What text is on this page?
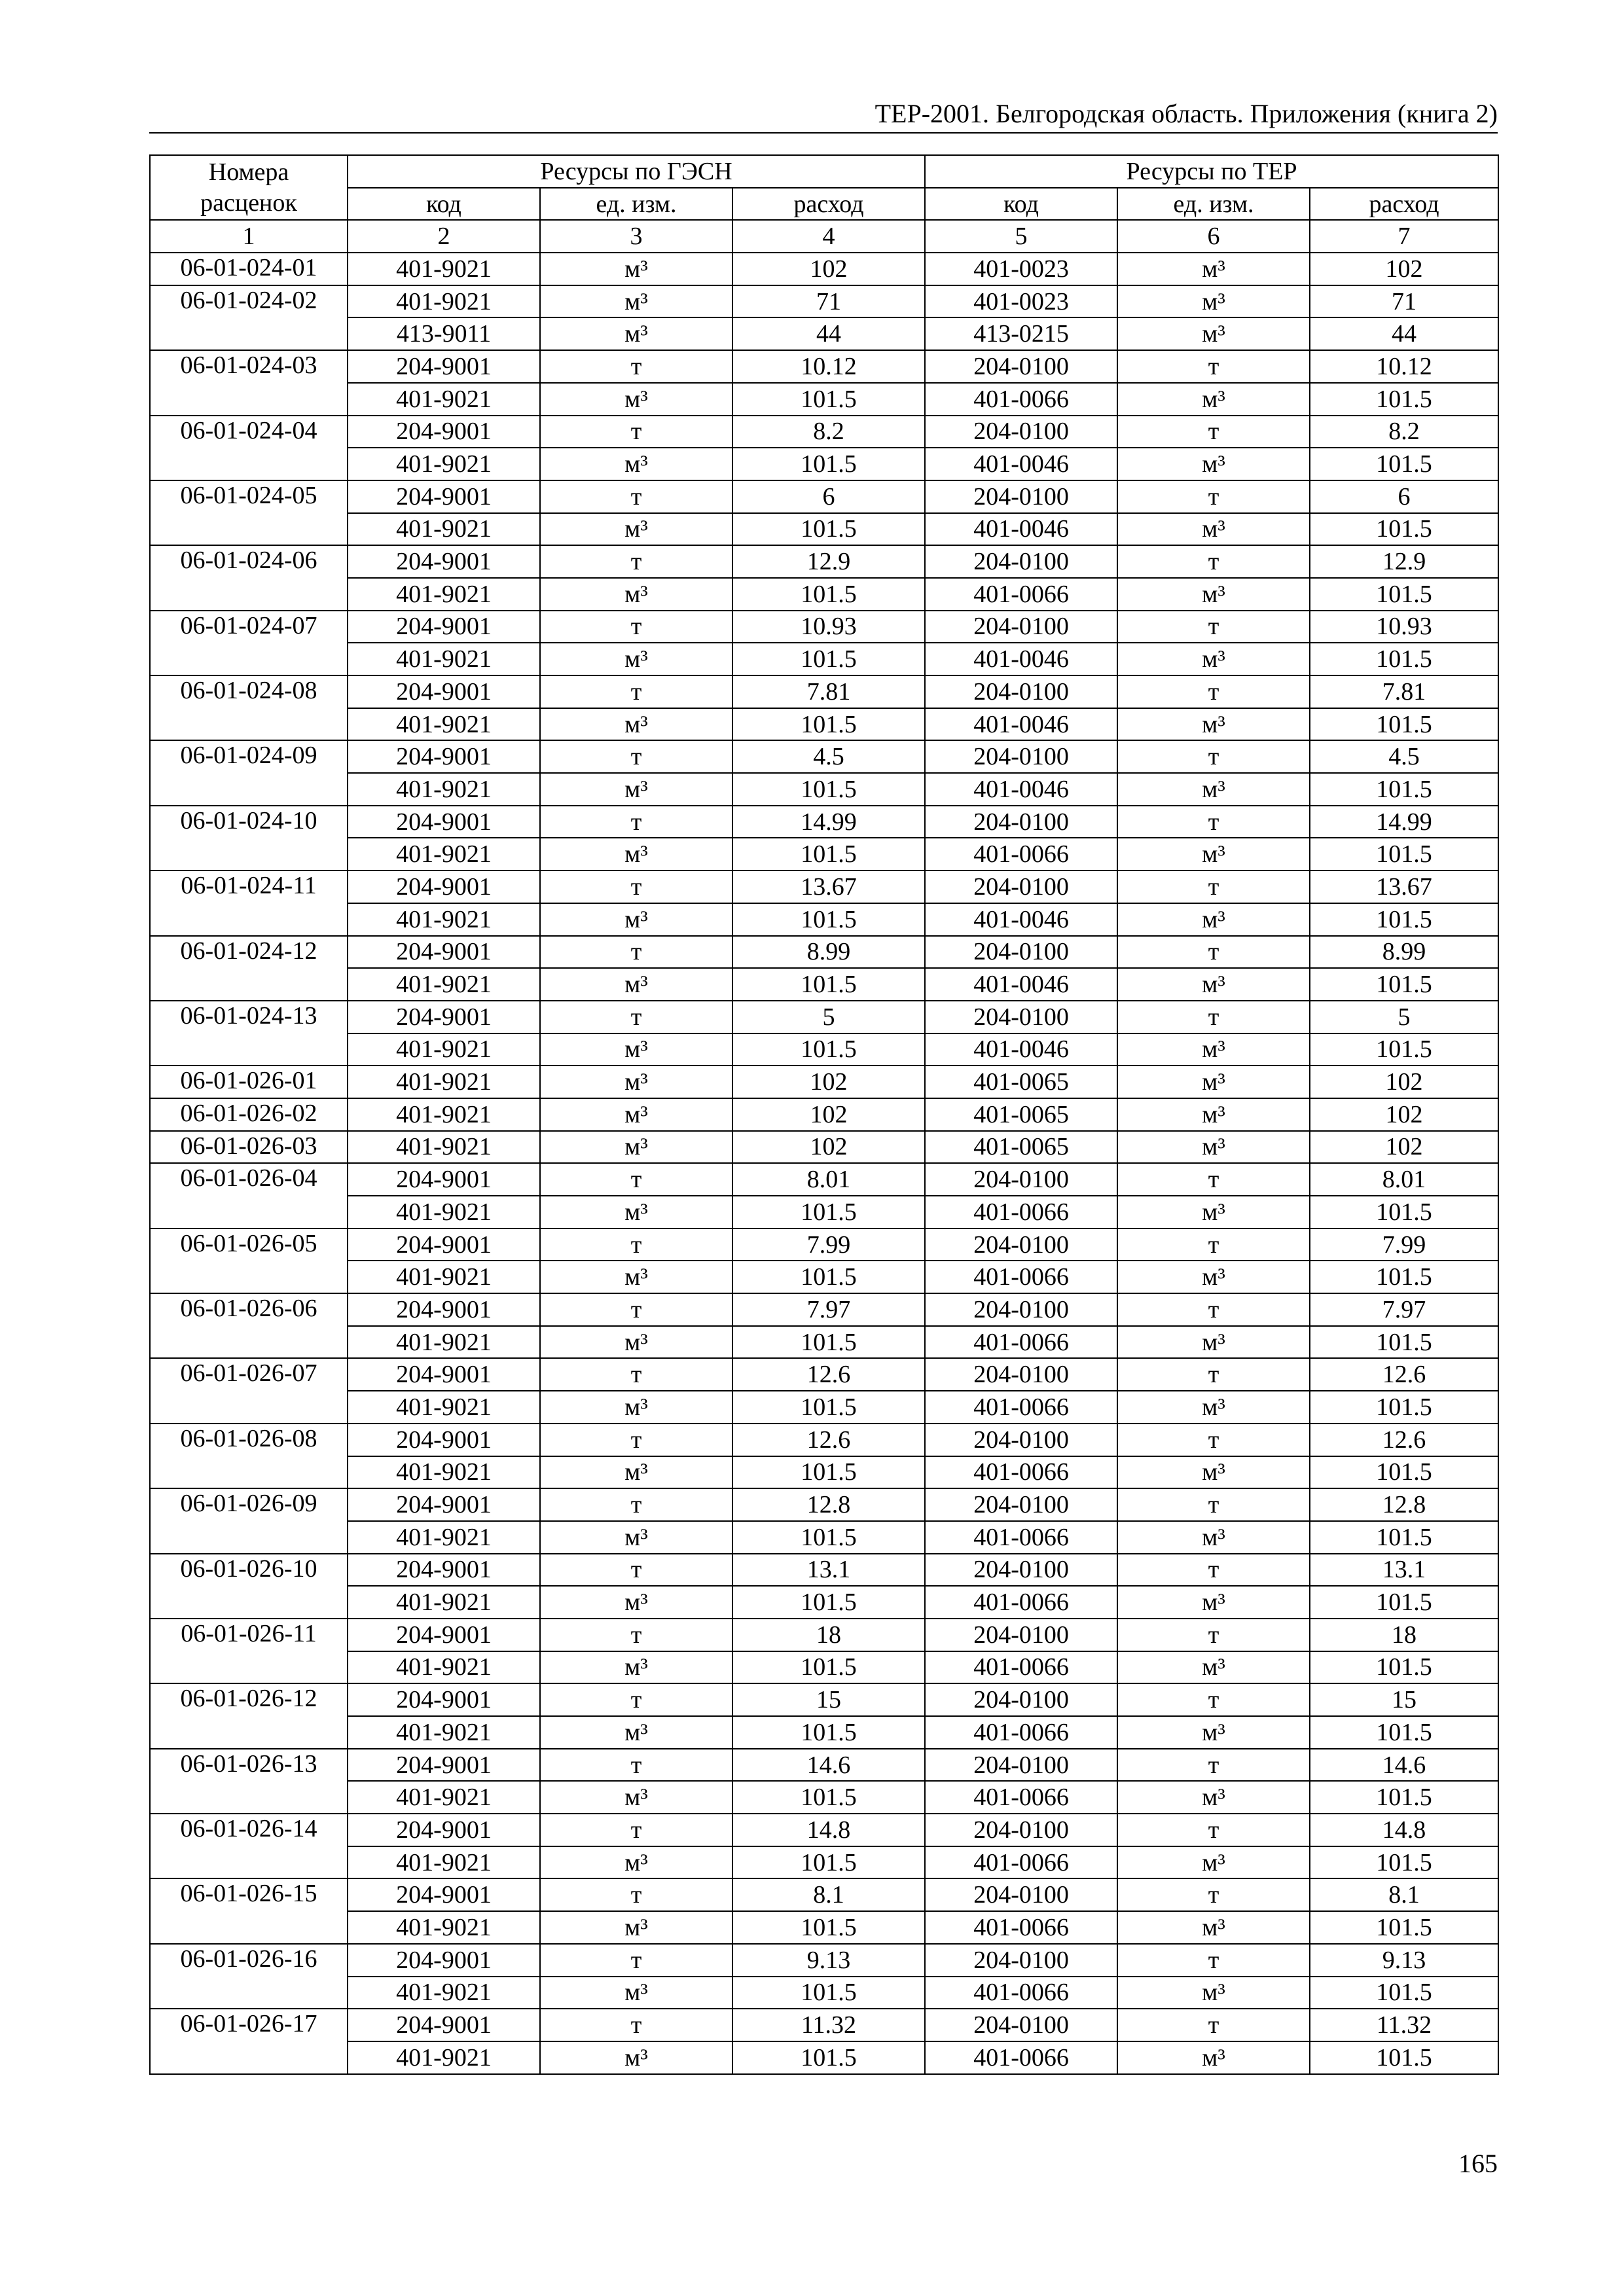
ТЕР-2001. Белгородская область. Приложения (книга 2)
Номера расценок	Ресурсы по ГЭСН			Ресурсы по ТЕР		
	код	ед. изм.	расход	код	ед. изм.	расход
1	2	3	4	5	6	7
06-01-024-01	401-9021	м³	102	401-0023	м³	102
06-01-024-02	401-9021	м³	71	401-0023	м³	71
	413-9011	м³	44	413-0215	м³	44
06-01-024-03	204-9001	т	10.12	204-0100	т	10.12
	401-9021	м³	101.5	401-0066	м³	101.5
06-01-024-04	204-9001	т	8.2	204-0100	т	8.2
	401-9021	м³	101.5	401-0046	м³	101.5
06-01-024-05	204-9001	т	6	204-0100	т	6
	401-9021	м³	101.5	401-0046	м³	101.5
06-01-024-06	204-9001	т	12.9	204-0100	т	12.9
	401-9021	м³	101.5	401-0066	м³	101.5
06-01-024-07	204-9001	т	10.93	204-0100	т	10.93
	401-9021	м³	101.5	401-0046	м³	101.5
06-01-024-08	204-9001	т	7.81	204-0100	т	7.81
	401-9021	м³	101.5	401-0046	м³	101.5
06-01-024-09	204-9001	т	4.5	204-0100	т	4.5
	401-9021	м³	101.5	401-0046	м³	101.5
06-01-024-10	204-9001	т	14.99	204-0100	т	14.99
	401-9021	м³	101.5	401-0066	м³	101.5
06-01-024-11	204-9001	т	13.67	204-0100	т	13.67
	401-9021	м³	101.5	401-0046	м³	101.5
06-01-024-12	204-9001	т	8.99	204-0100	т	8.99
	401-9021	м³	101.5	401-0046	м³	101.5
06-01-024-13	204-9001	т	5	204-0100	т	5
	401-9021	м³	101.5	401-0046	м³	101.5
06-01-026-01	401-9021	м³	102	401-0065	м³	102
06-01-026-02	401-9021	м³	102	401-0065	м³	102
06-01-026-03	401-9021	м³	102	401-0065	м³	102
06-01-026-04	204-9001	т	8.01	204-0100	т	8.01
	401-9021	м³	101.5	401-0066	м³	101.5
06-01-026-05	204-9001	т	7.99	204-0100	т	7.99
	401-9021	м³	101.5	401-0066	м³	101.5
06-01-026-06	204-9001	т	7.97	204-0100	т	7.97
	401-9021	м³	101.5	401-0066	м³	101.5
06-01-026-07	204-9001	т	12.6	204-0100	т	12.6
	401-9021	м³	101.5	401-0066	м³	101.5
06-01-026-08	204-9001	т	12.6	204-0100	т	12.6
	401-9021	м³	101.5	401-0066	м³	101.5
06-01-026-09	204-9001	т	12.8	204-0100	т	12.8
	401-9021	м³	101.5	401-0066	м³	101.5
06-01-026-10	204-9001	т	13.1	204-0100	т	13.1
	401-9021	м³	101.5	401-0066	м³	101.5
06-01-026-11	204-9001	т	18	204-0100	т	18
	401-9021	м³	101.5	401-0066	м³	101.5
06-01-026-12	204-9001	т	15	204-0100	т	15
	401-9021	м³	101.5	401-0066	м³	101.5
06-01-026-13	204-9001	т	14.6	204-0100	т	14.6
	401-9021	м³	101.5	401-0066	м³	101.5
06-01-026-14	204-9001	т	14.8	204-0100	т	14.8
	401-9021	м³	101.5	401-0066	м³	101.5
06-01-026-15	204-9001	т	8.1	204-0100	т	8.1
	401-9021	м³	101.5	401-0066	м³	101.5
06-01-026-16	204-9001	т	9.13	204-0100	т	9.13
	401-9021	м³	101.5	401-0066	м³	101.5
06-01-026-17	204-9001	т	11.32	204-0100	т	11.32
	401-9021	м³	101.5	401-0066	м³	101.5
165
